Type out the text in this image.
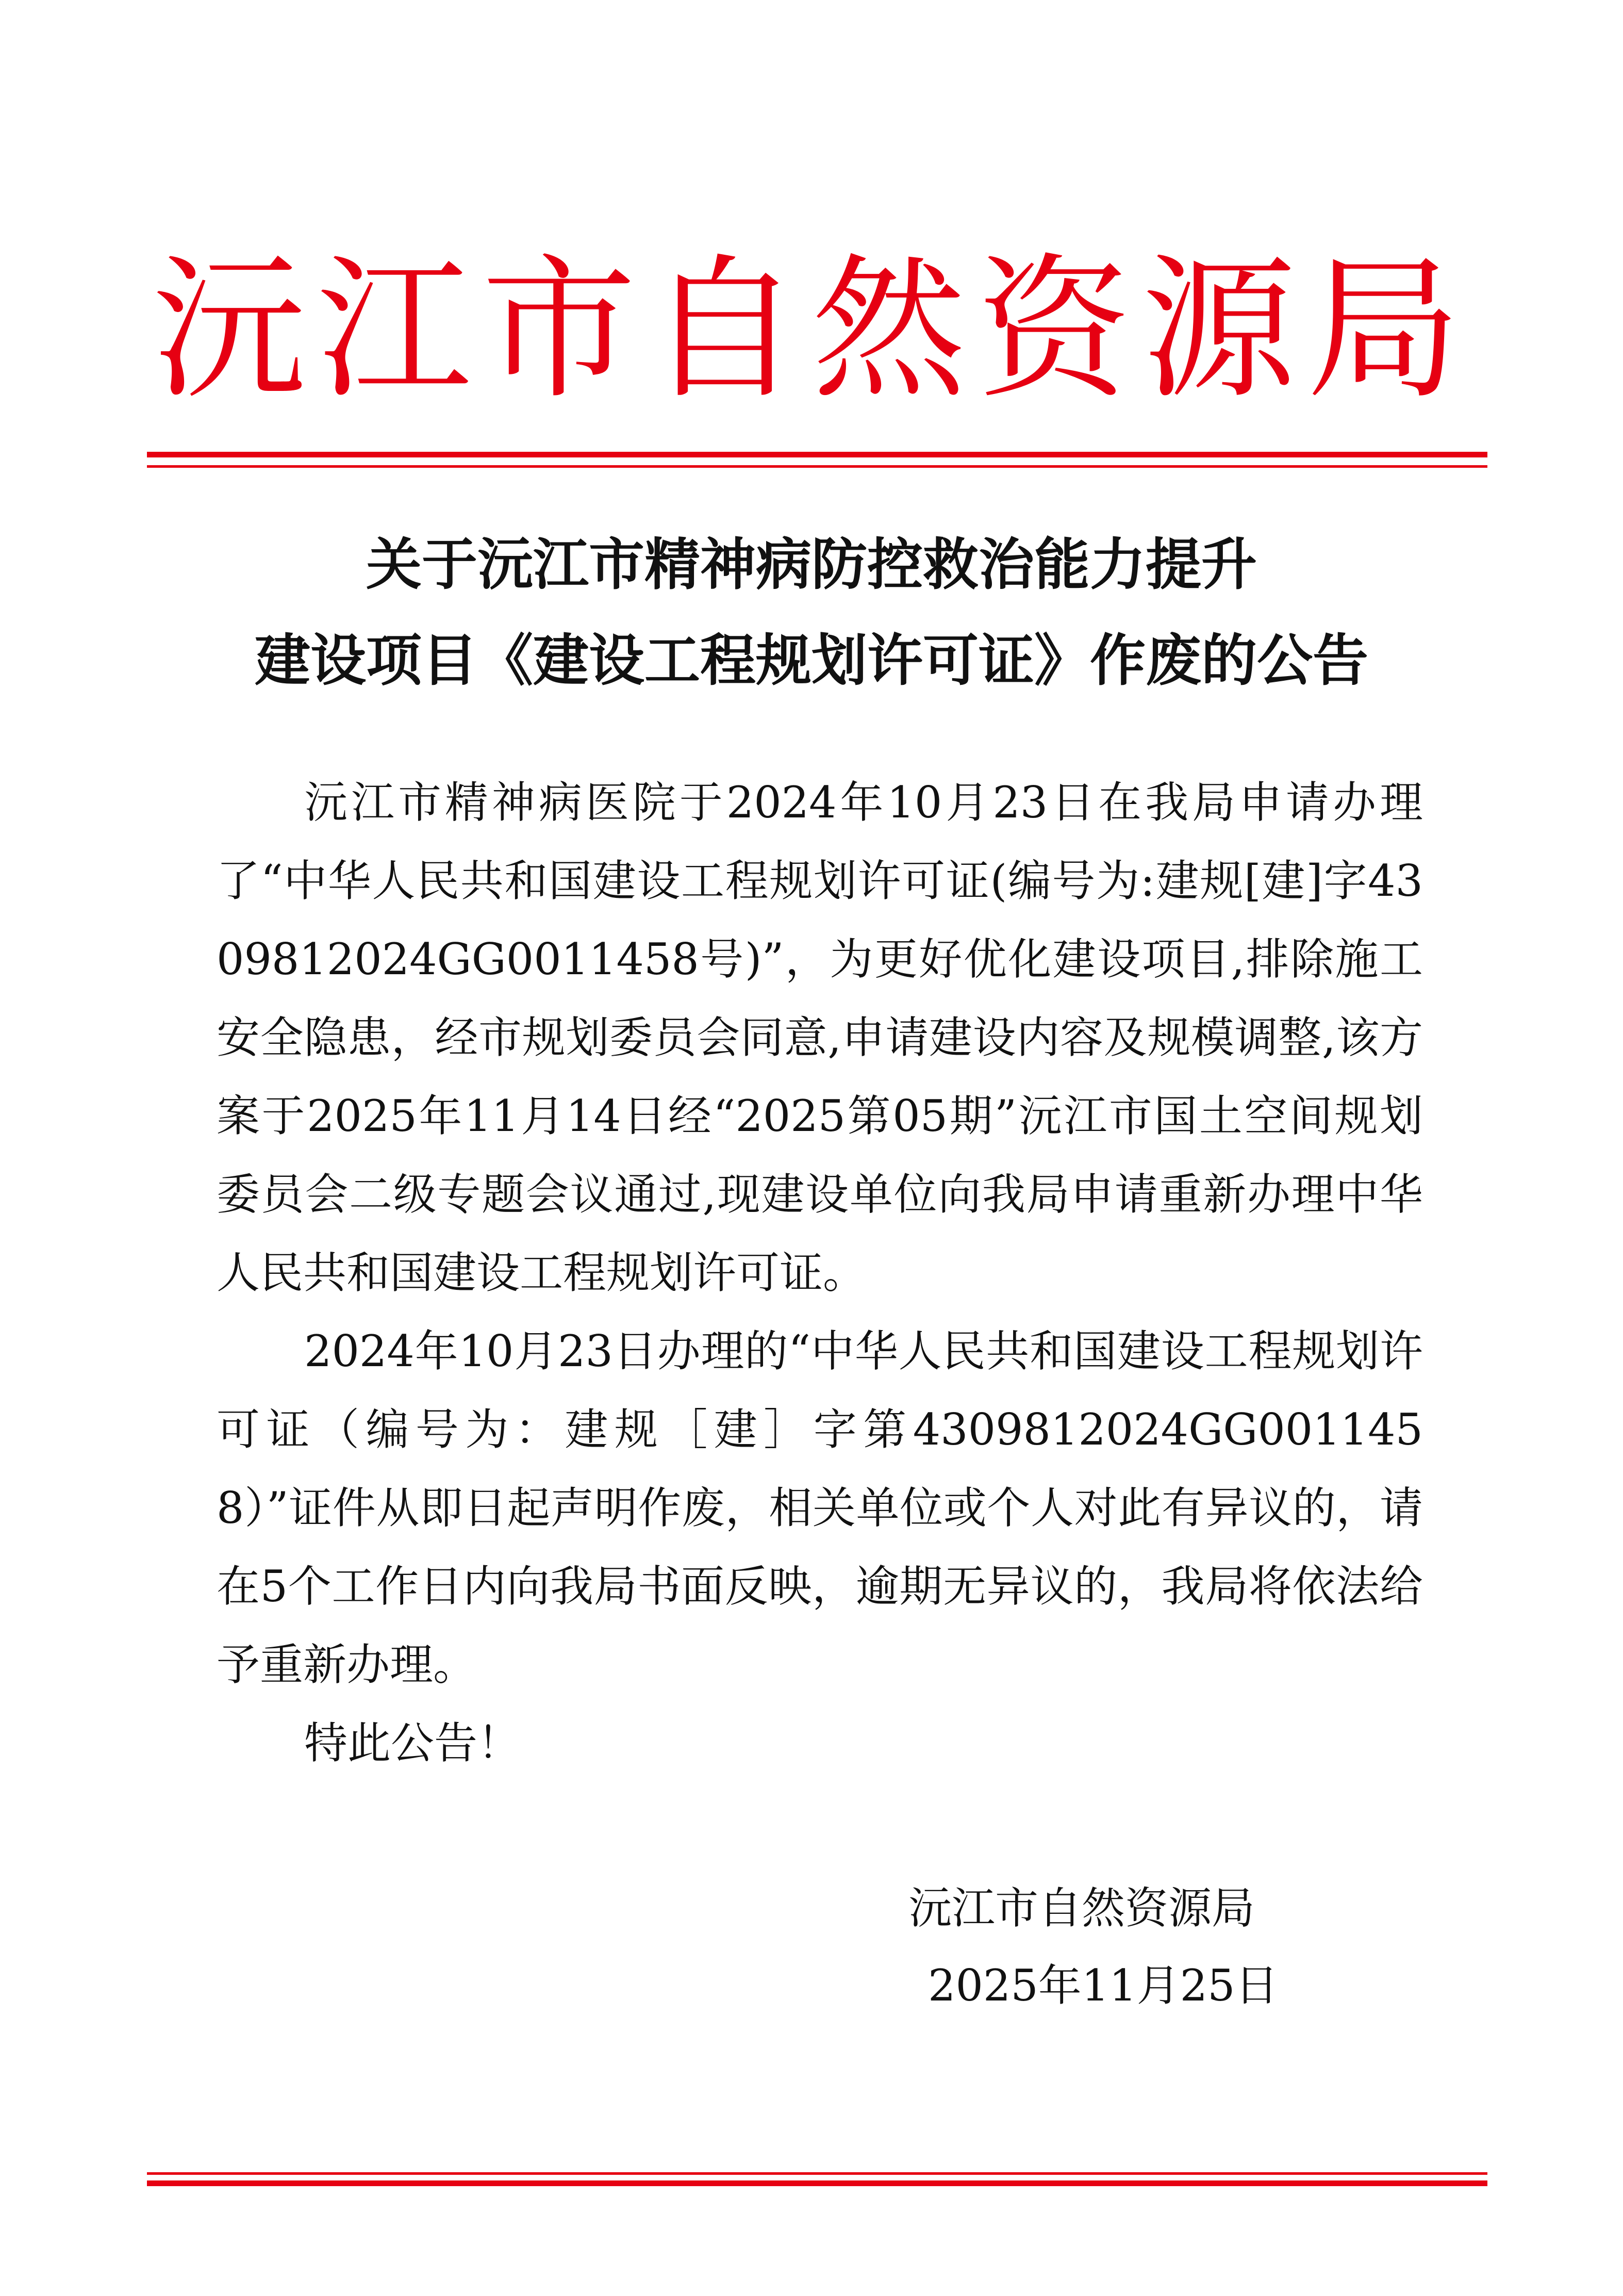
沅江市自然资源局
关于沅江市精神病防控救治能力提升
建设项目《建设工程规划许可证》作废的公告

沅江市精神病医院于2024年10月23日在我局申请办理了“中华人民共和国建设工程规划许可证(编号为:建规[建]字4309812024GG0011458号)”，为更好优化建设项目,排除施工安全隐患，经市规划委员会同意,申请建设内容及规模调整,该方案于2025年11月14日经“2025第05期”沅江市国土空间规划委员会二级专题会议通过,现建设单位向我局申请重新办理中华人民共和国建设工程规划许可证。

2024年10月23日办理的“中华人民共和国建设工程规划许可证（编号为：建规［建］字第4309812024GG0011458）”证件从即日起声明作废，相关单位或个人对此有异议的，请在5个工作日内向我局书面反映，逾期无异议的，我局将依法给予重新办理。

特此公告！

沅江市自然资源局
2025年11月25日
